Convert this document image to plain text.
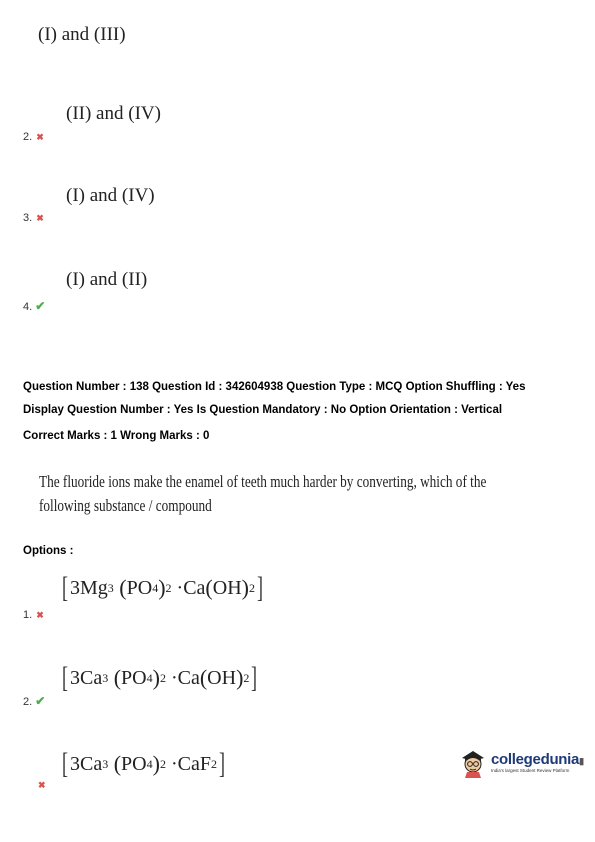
(I) and (III)
(II) and (IV)
2. ✖
(I) and (IV)
3. ✖
(I) and (II)
4. ✔
Question Number : 138 Question Id : 342604938 Question Type : MCQ Option Shuffling : Yes
Display Question Number : Yes Is Question Mandatory : No Option Orientation : Vertical
Correct Marks : 1 Wrong Marks : 0
The fluoride ions make the enamel of teeth much harder by converting, which of the
following substance / compound
Options :
[ 3Mg 3 ( PO 4 ) 2 · Ca ( OH ) 2 ]
1. ✖
[ 3Ca 3 ( PO 4 ) 2 · Ca ( OH ) 2 ]
2. ✔
[ 3Ca 3 ( PO 4 ) 2 · CaF 2 ]
✖
collegedunia▮
India's largest Student Review Platform
